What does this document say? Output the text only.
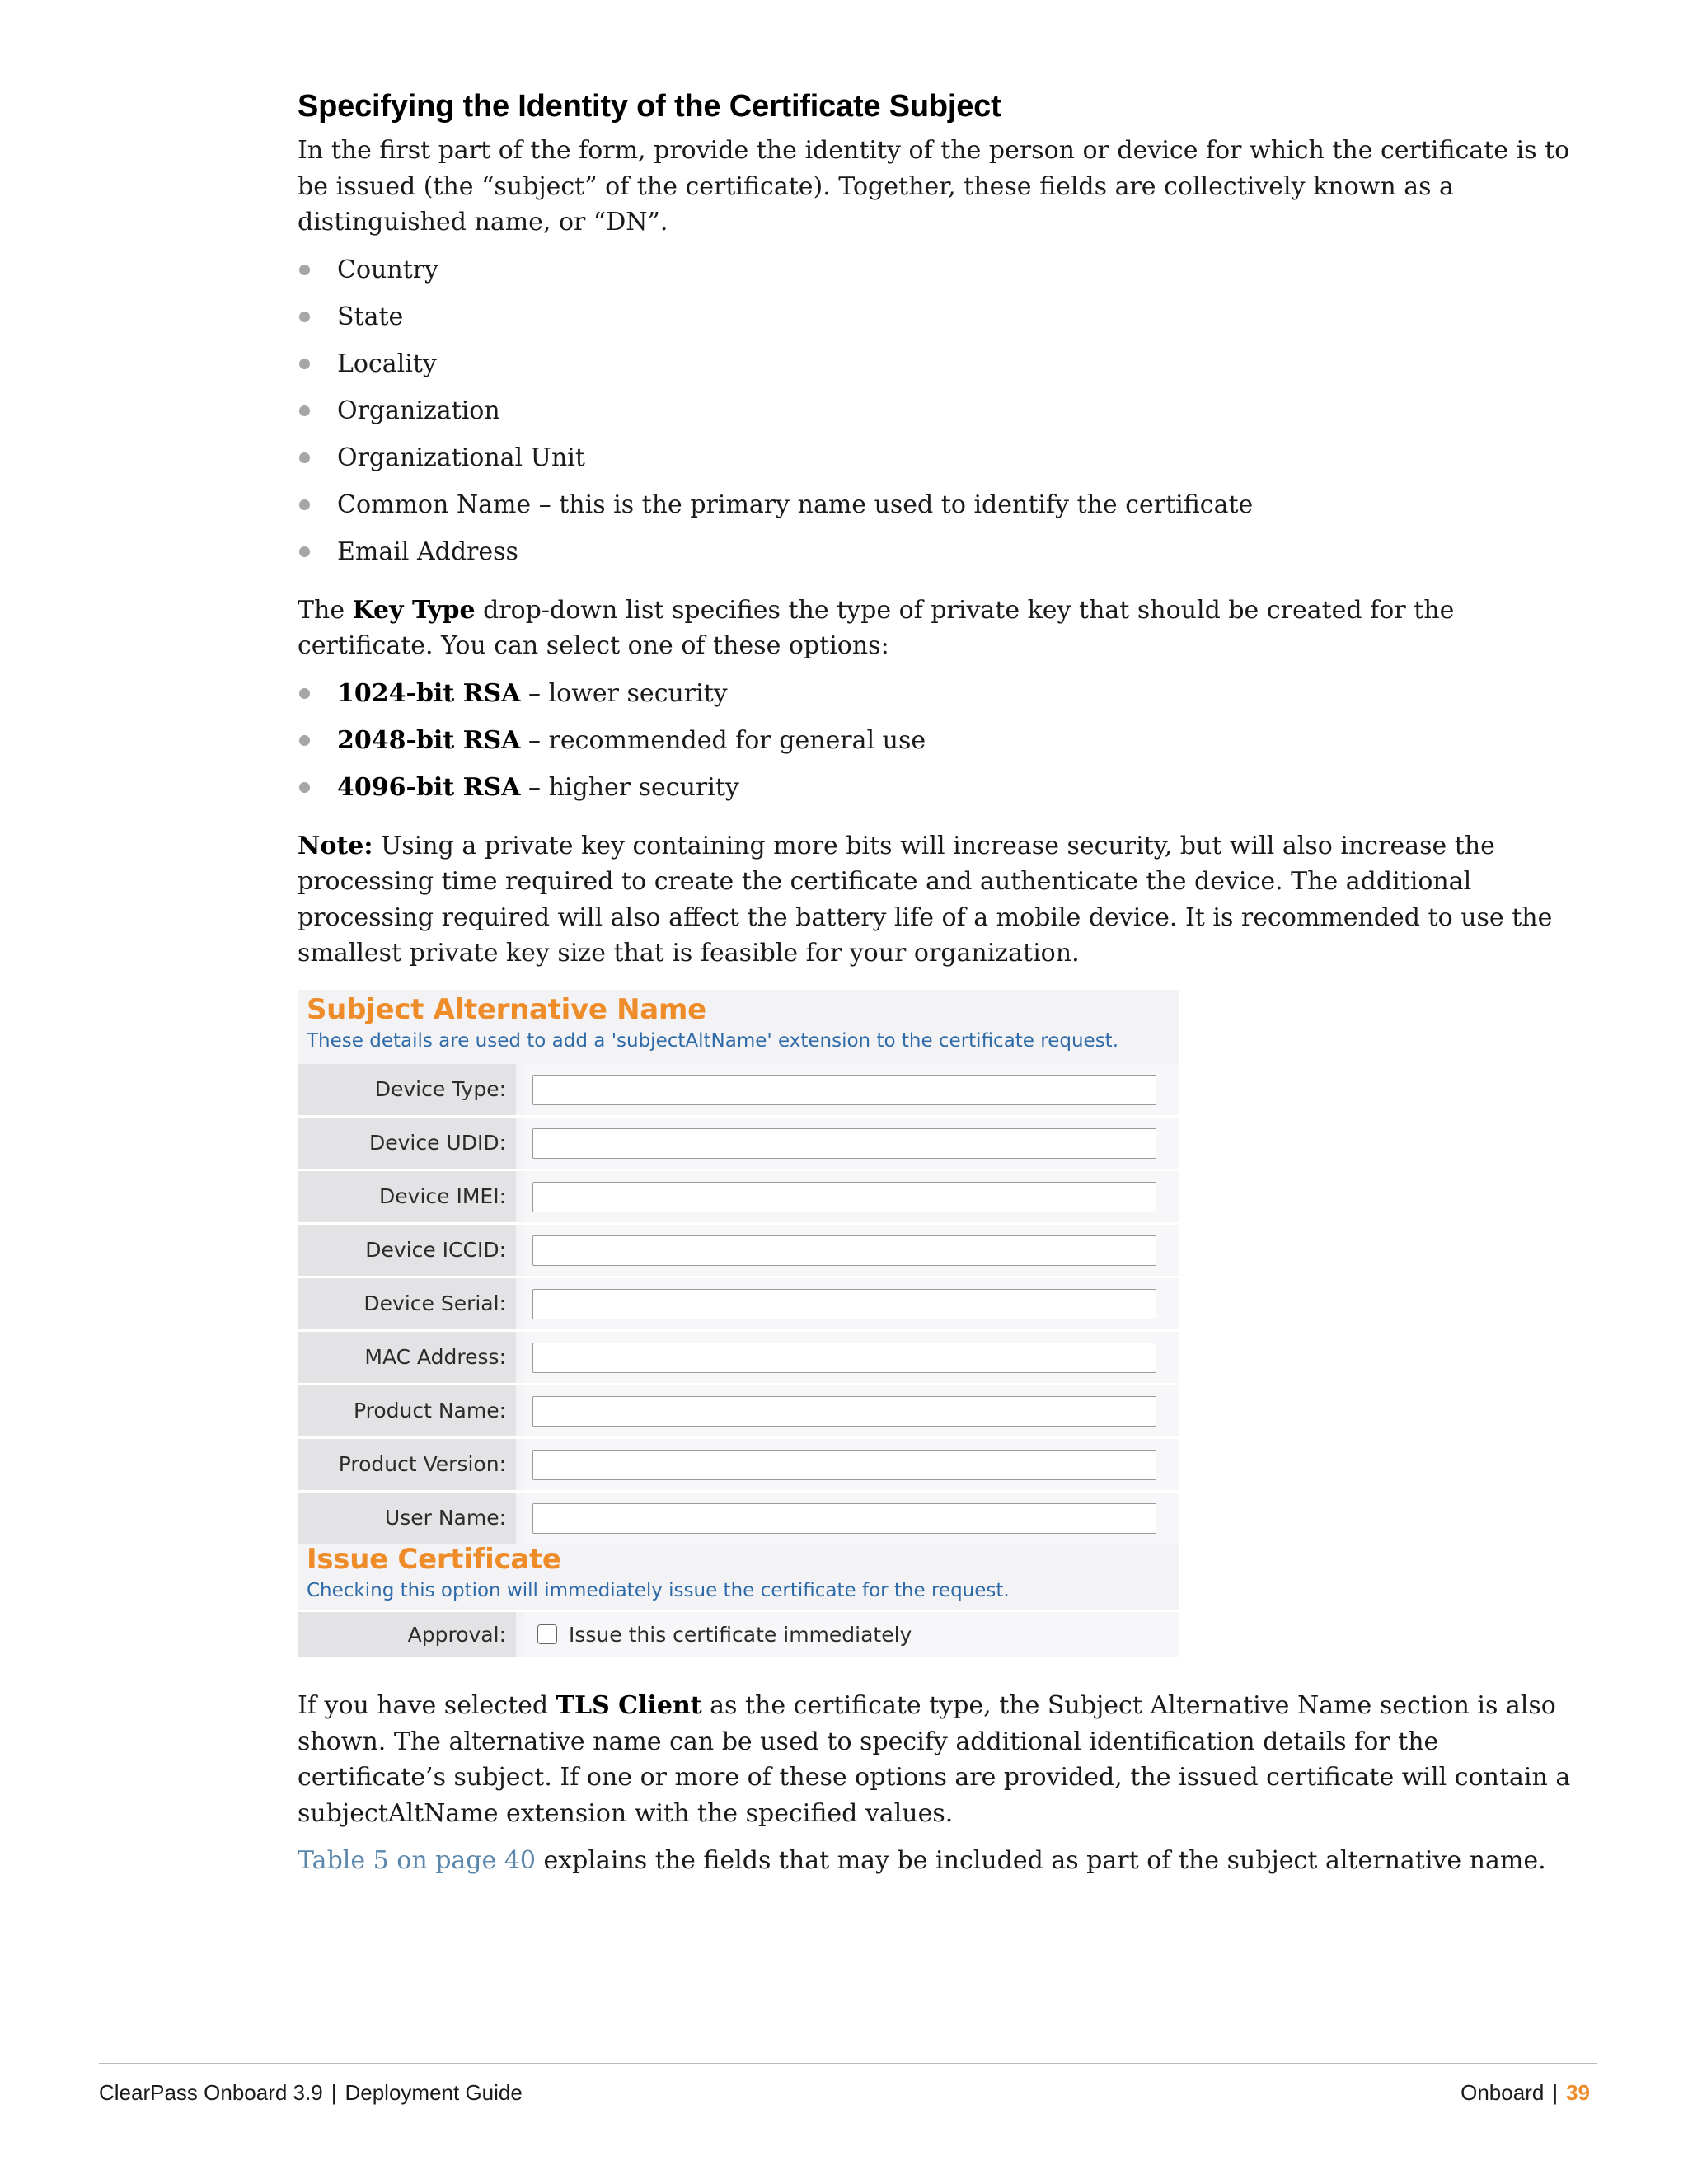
Specifying the Identity of the Certificate Subject

In the first part of the form, provide the identity of the person or device for which the certificate is to be issued (the “subject” of the certificate). Together, these fields are collectively known as a distinguished name, or “DN”.

Country
State
Locality
Organization
Organizational Unit
Common Name – this is the primary name used to identify the certificate
Email Address

The Key Type drop-down list specifies the type of private key that should be created for the certificate. You can select one of these options:

1024-bit RSA – lower security
2048-bit RSA – recommended for general use
4096-bit RSA – higher security

Note: Using a private key containing more bits will increase security, but will also increase the processing time required to create the certificate and authenticate the device. The additional processing required will also affect the battery life of a mobile device. It is recommended to use the smallest private key size that is feasible for your organization.

Subject Alternative Name
These details are used to add a 'subjectAltName' extension to the certificate request.
Device Type:
Device UDID:
Device IMEI:
Device ICCID:
Device Serial:
MAC Address:
Product Name:
Product Version:
User Name:
Issue Certificate
Checking this option will immediately issue the certificate for the request.
Approval:	Issue this certificate immediately

If you have selected TLS Client as the certificate type, the Subject Alternative Name section is also shown. The alternative name can be used to specify additional identification details for the certificate’s subject. If one or more of these options are provided, the issued certificate will contain a subjectAltName extension with the specified values.

Table 5 on page 40 explains the fields that may be included as part of the subject alternative name.

ClearPass Onboard 3.9 | Deployment Guide	Onboard | 39
